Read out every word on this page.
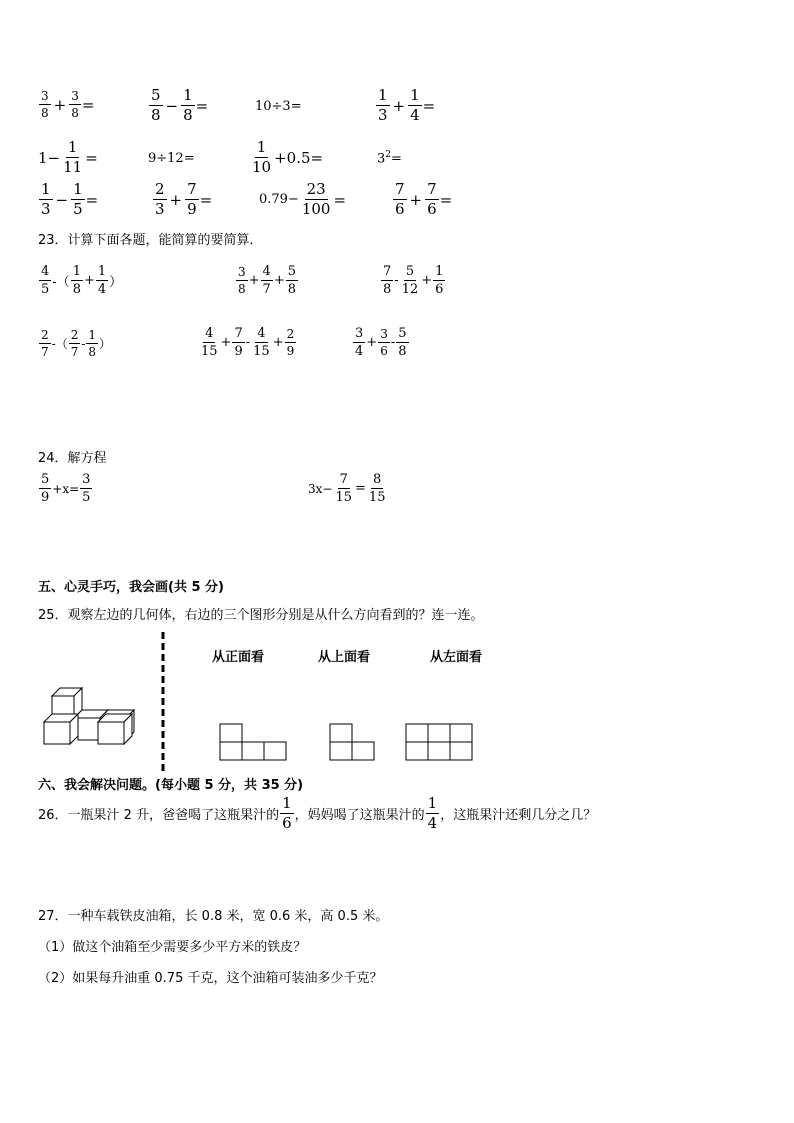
$\frac{3}{8} + \frac{3}{8}$ =	$\frac{5}{8} - \frac{1}{8}$ =	10÷3=	$\frac{1}{3} + \frac{1}{4}$ =
$1- \frac{1}{11}$ =	9÷12=	$\frac{1}{10} +0.5=$	$3^2=$
$\frac{1}{3} - \frac{1}{5}$ =	$\frac{2}{3} + \frac{7}{9}$ =	$0.79- \frac{23}{100}$ =	$\frac{7}{6} + \frac{7}{6}$ =
23．计算下面各题，能简算的要简算．
$\frac{4}{5}$ -（ $\frac{1}{8} + \frac{1}{4}$ ）	$\frac{3}{8} + \frac{4}{7} + \frac{5}{8}$	$\frac{7}{8} - \frac{5}{12} + \frac{1}{6}$
$\frac{2}{7}$ -（ $\frac{2}{7} - \frac{1}{8}$ ）	$\frac{4}{15} + \frac{7}{9} - \frac{4}{15} + \frac{2}{9}$	$\frac{3}{4} + \frac{3}{6} - \frac{5}{8}$
24．解方程
$\frac{5}{9} +x= \frac{3}{5}$	$3x- \frac{7}{15} = \frac{8}{15}$
五、心灵手巧，我会画(共 5 分)
25．观察左边的几何体，右边的三个图形分别是从什么方向看到的？连一连。
从正面看	从上面看	从左面看
六、我会解决问题。(每小题 5 分，共 35 分)
26．一瓶果汁 2 升，爸爸喝了这瓶果汁的 $\frac{1}{6}$ ，妈妈喝了这瓶果汁的 $\frac{1}{4}$ ，这瓶果汁还剩几分之几？
27．一种车载铁皮油箱，长 0.8 米，宽 0.6 米，高 0.5 米。
（1）做这个油箱至少需要多少平方米的铁皮？
（2）如果每升油重 0.75 千克，这个油箱可装油多少千克？
